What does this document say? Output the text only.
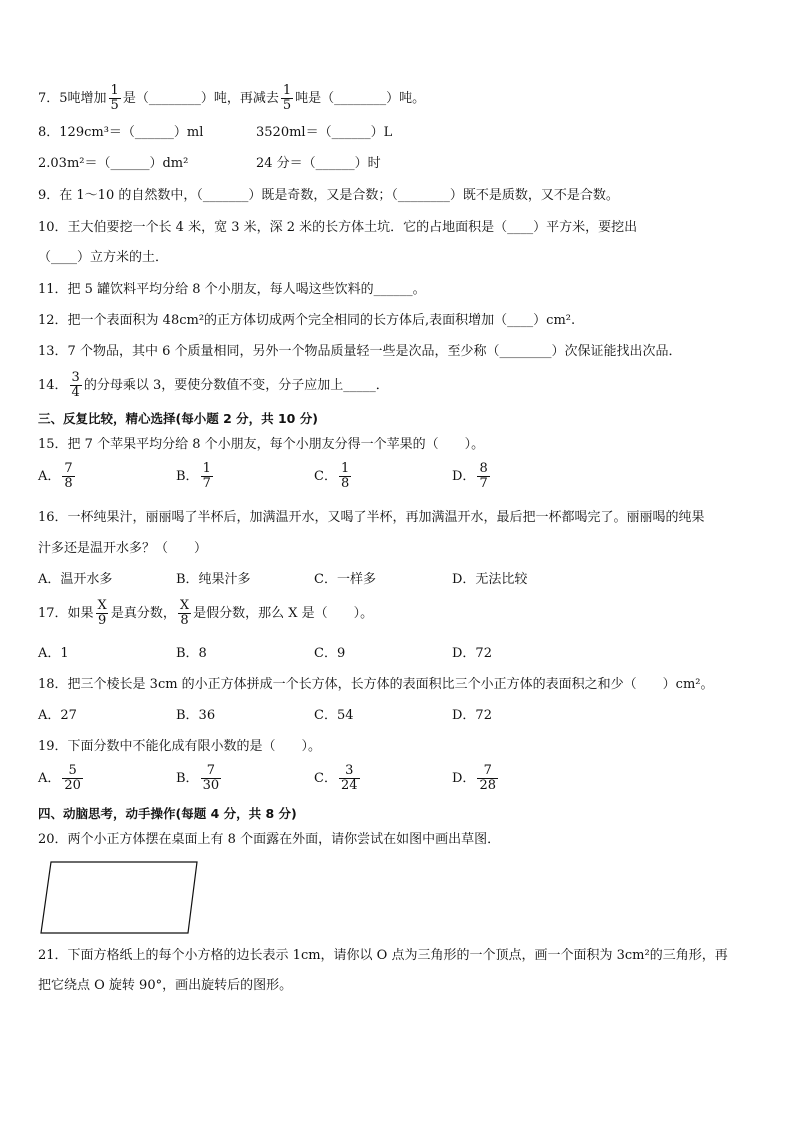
7．5吨增加 $\frac{1}{5}$ 是（________）吨，再减去 $\frac{1}{5}$ 吨是（________）吨。
8．129cm³＝（______）ml	3520ml＝（______）L
2.03m²＝（______）dm²	24 分＝（______）时
9．在 1～10 的自然数中，（_______）既是奇数，又是合数；（________）既不是质数，又不是合数。
10．王大伯要挖一个长 4 米，宽 3 米，深 2 米的长方体土坑．它的占地面积是（____）平方米，要挖出
（____）立方米的土．
11．把 5 罐饮料平均分给 8 个小朋友，每人喝这些饮料的______。
12．把一个表面积为 48cm²的正方体切成两个完全相同的长方体后,表面积增加（____）cm².
13．7 个物品，其中 6 个质量相同，另外一个物品质量轻一些是次品，至少称（________）次保证能找出次品．
14． $\frac{3}{4}$ 的分母乘以 3，要使分数值不变，分子应加上_____．
三、反复比较，精心选择(每小题 2 分，共 10 分)
15．把 7 个苹果平均分给 8 个小朋友，每个小朋友分得一个苹果的（　　）。
A． $\frac{7}{8}$	B． $\frac{1}{7}$	C． $\frac{1}{8}$	D． $\frac{8}{7}$
16．一杯纯果汁，丽丽喝了半杯后，加满温开水，又喝了半杯，再加满温开水，最后把一杯都喝完了。丽丽喝的纯果
汁多还是温开水多？（　　）
A．温开水多	B．纯果汁多	C．一样多	D．无法比较
17．如果 $\frac{X}{9}$ 是真分数， $\frac{X}{8}$ 是假分数，那么 X 是（　　）。
A．1	B．8	C．9	D．72
18．把三个棱长是 3cm 的小正方体拼成一个长方体，长方体的表面积比三个小正方体的表面积之和少（　　）cm²。
A．27	B．36	C．54	D．72
19．下面分数中不能化成有限小数的是（　　）。
A． $\frac{5}{20}$	B． $\frac{7}{30}$	C． $\frac{3}{24}$	D． $\frac{7}{28}$
四、动脑思考，动手操作(每题 4 分，共 8 分)
20．两个小正方体摆在桌面上有 8 个面露在外面，请你尝试在如图中画出草图．
21．下面方格纸上的每个小方格的边长表示 1cm，请你以 O 点为三角形的一个顶点，画一个面积为 3cm²的三角形，再
把它绕点 O 旋转 90°，画出旋转后的图形。
